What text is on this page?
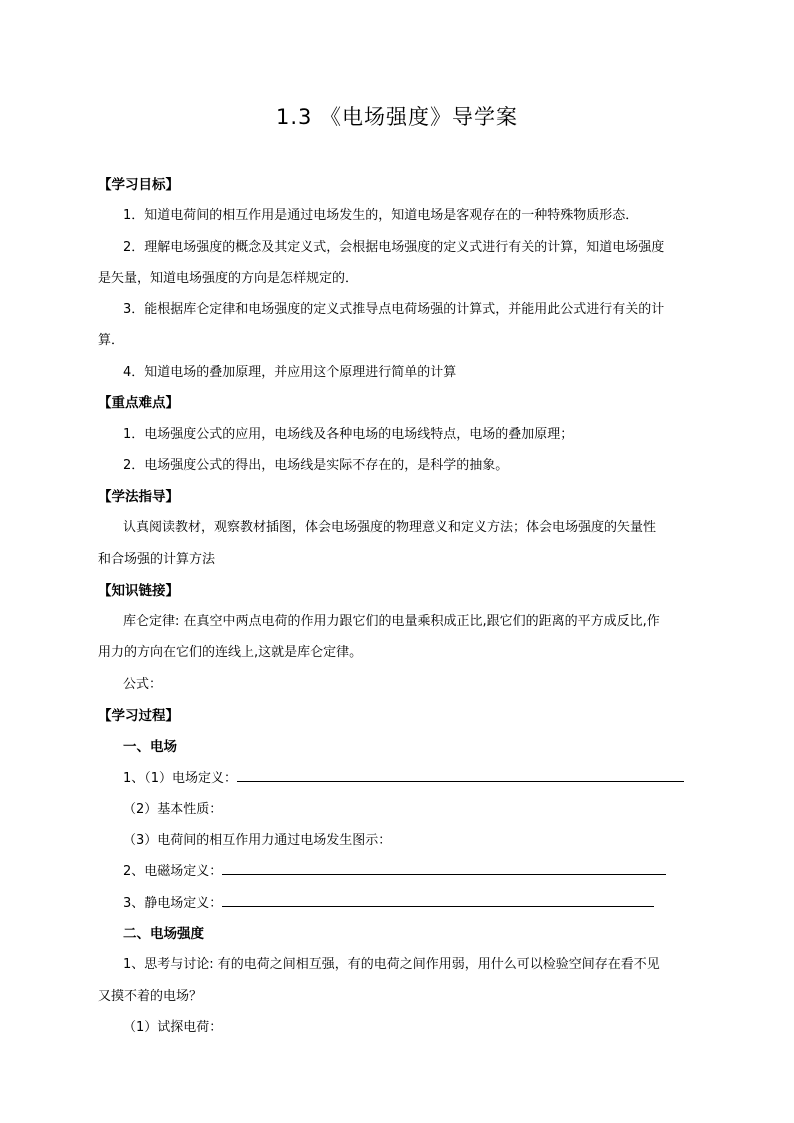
1.3 《电场强度》导学案
【学习目标】
1．知道电荷间的相互作用是通过电场发生的，知道电场是客观存在的一种特殊物质形态．
2．理解电场强度的概念及其定义式，会根据电场强度的定义式进行有关的计算，知道电场强度
是矢量，知道电场强度的方向是怎样规定的．
3．能根据库仑定律和电场强度的定义式推导点电荷场强的计算式，并能用此公式进行有关的计
算．
4．知道电场的叠加原理，并应用这个原理进行简单的计算
【重点难点】
1．电场强度公式的应用，电场线及各种电场的电场线特点，电场的叠加原理；
2．电场强度公式的得出，电场线是实际不存在的，是科学的抽象。
【学法指导】
认真阅读教材，观察教材插图，体会电场强度的物理意义和定义方法；体会电场强度的矢量性
和合场强的计算方法
【知识链接】
库仑定律: 在真空中两点电荷的作用力跟它们的电量乘积成正比,跟它们的距离的平方成反比,作
用力的方向在它们的连线上,这就是库仑定律。
公式：
【学习过程】
一、电场
1、（1）电场定义：
（2）基本性质：
（3）电荷间的相互作用力通过电场发生图示：
2、电磁场定义：
3、静电场定义：
二、电场强度
1、思考与讨论: 有的电荷之间相互强，有的电荷之间作用弱，用什么可以检验空间存在看不见
又摸不着的电场？
（1）试探电荷：
